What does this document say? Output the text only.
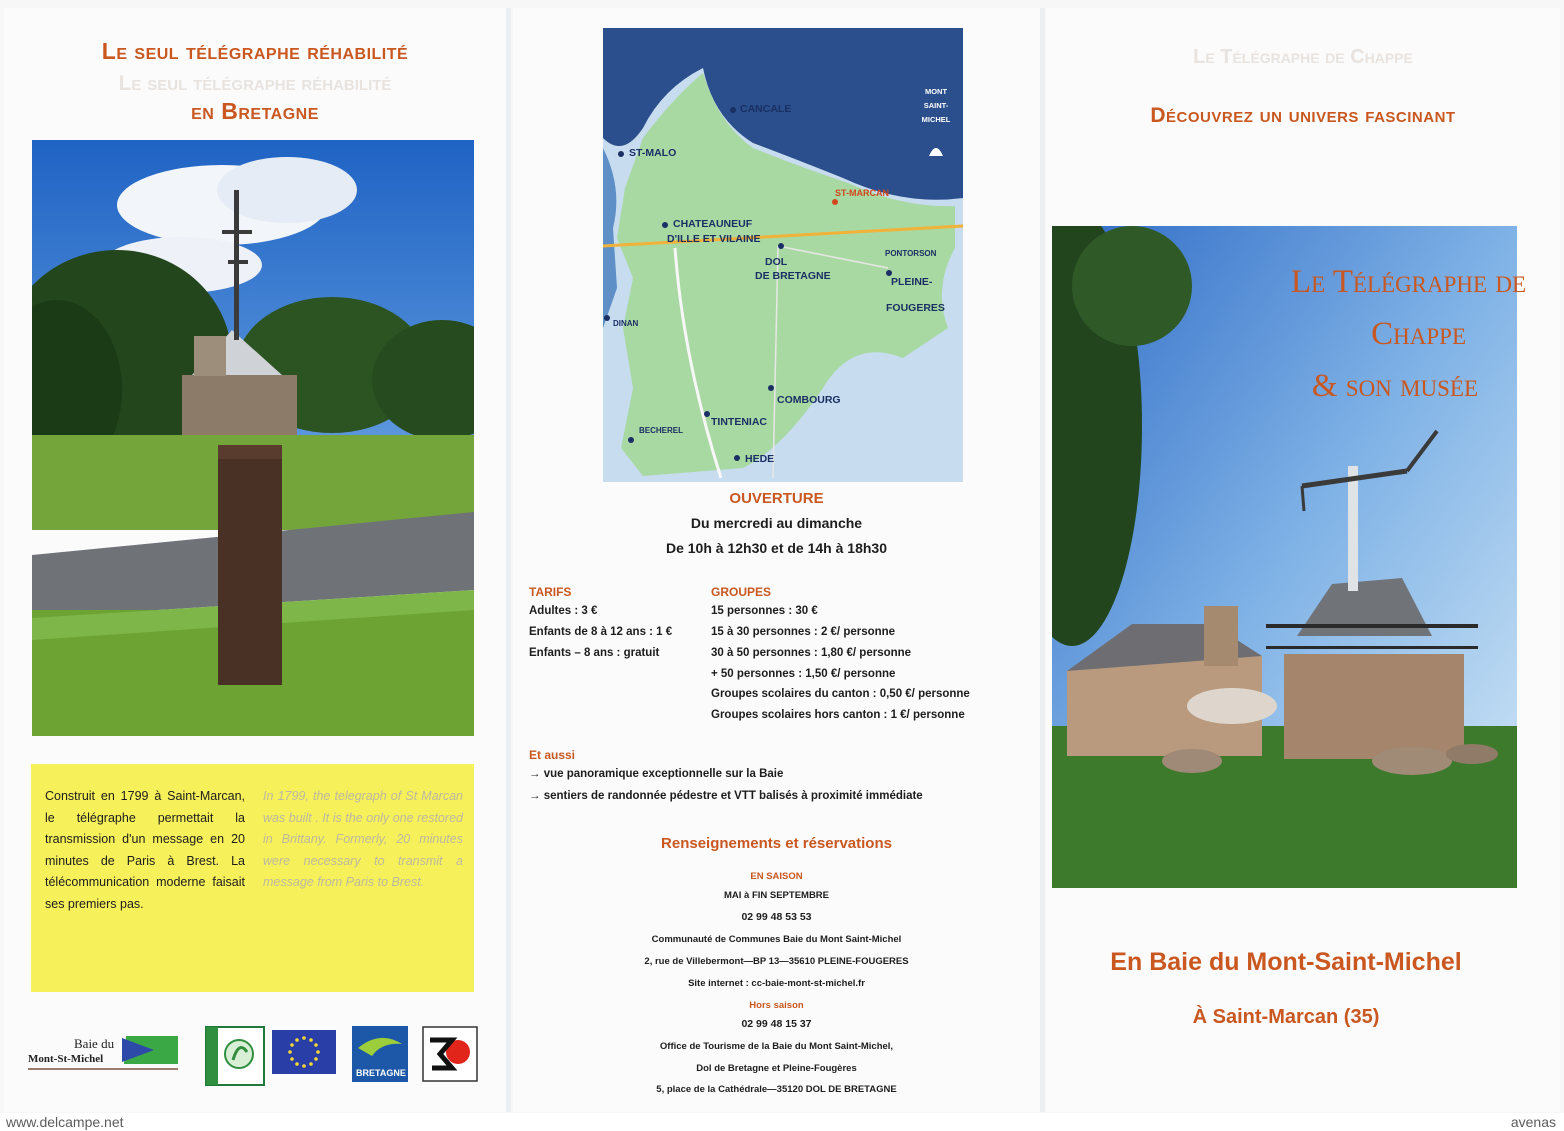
Le seul télégraphe réhabilité
Le seul télégraphe réhabilité
en Bretagne

Construit en 1799 à Saint-Marcan, le télégraphe permettait la transmission d'un message en 20 minutes de Paris à Brest. La télécommunication moderne faisait ses premiers pas.

In 1799, the telegraph of St Marcan was built . It is the only one restored in Brittany. Formerly, 20 minutes were necessary to transmit a message from Paris to Brest.

Baie du
Mont-St-Michel
BRETAGNE
CANCALE
ST-MALO
CHATEAUNEUF
D'ILLE ET VILAINE
DOL
DE BRETAGNE	PLEINE-
FOUGERES
PONTORSON
DINAN
COMBOURG
TINTENIAC
BECHEREL
HEDE
ST-MARCAN
MONT
SAINT-
MICHEL
OUVERTURE
Du mercredi au dimanche
De 10h à 12h30 et de 14h à 18h30
TARIFS
Adultes : 3 €
Enfants de 8 à 12 ans : 1 €
Enfants – 8 ans : gratuit
GROUPES
15 personnes : 30 €
15 à 30 personnes : 2 €/ personne
30 à 50 personnes : 1,80 €/ personne
+ 50 personnes : 1,50 €/ personne
Groupes scolaires du canton : 0,50 €/ personne
Groupes scolaires hors canton : 1 €/ personne
Et aussi
→ vue panoramique exceptionnelle sur la Baie
→ sentiers de randonnée pédestre et VTT balisés à proximité immédiate
Renseignements et réservations
EN SAISON
MAI à FIN SEPTEMBRE
02 99 48 53 53
Communauté de Communes Baie du Mont Saint-Michel
2, rue de Villebermont—BP 13—35610 PLEINE-FOUGERES
Site internet : cc-baie-mont-st-michel.fr
Hors saison
02 99 48 15 37
Office de Tourisme de la Baie du Mont Saint-Michel,
Dol de Bretagne et Pleine-Fougères
5, place de la Cathédrale—35120 DOL DE BRETAGNE
Le Télégraphe de Chappe
Découvrez un univers fascinant
Le Télégraphe de
Chappe
& son musée
En Baie du Mont-Saint-Michel
À Saint-Marcan (35)
www.delcampe.net	avenas
